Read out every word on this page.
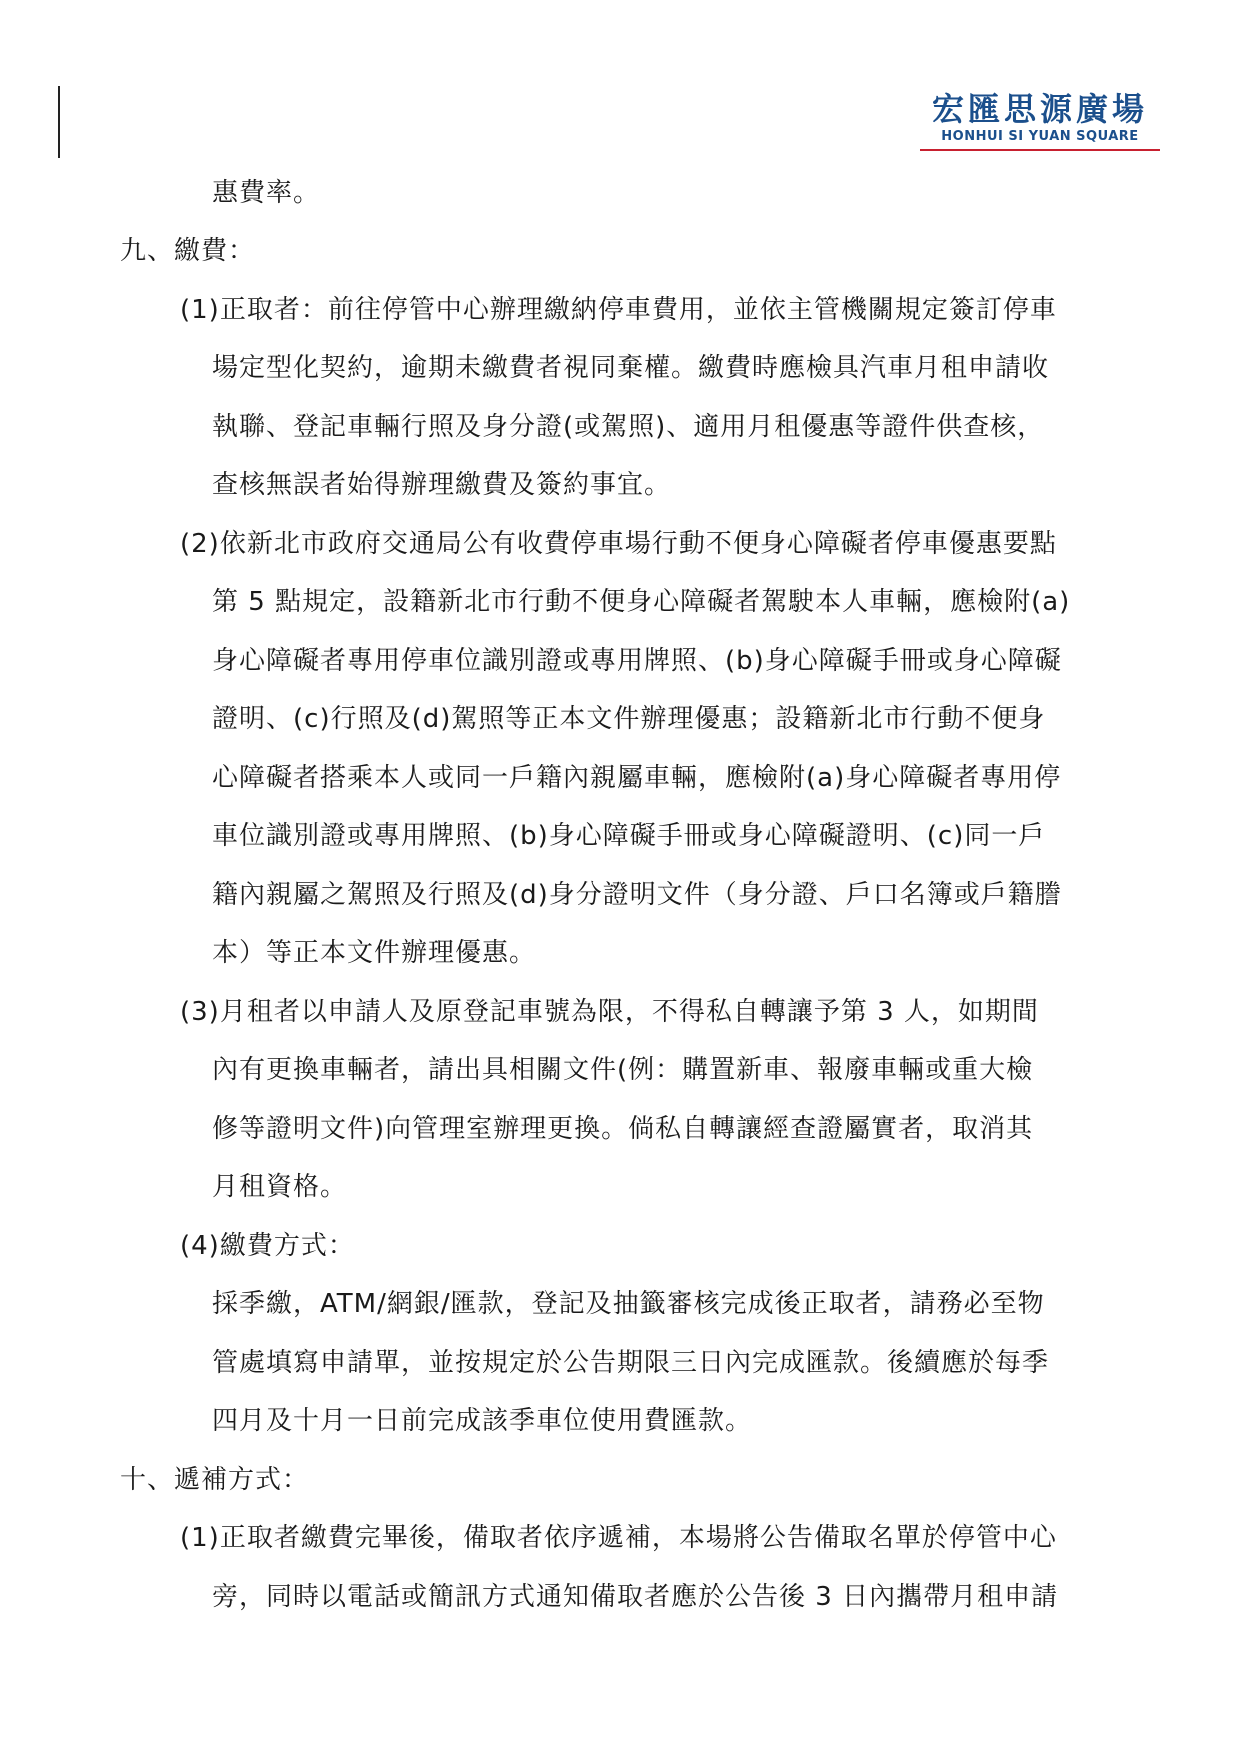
宏匯思源廣場
HONHUI SI YUAN SQUARE
惠費率。
九、繳費：
(1)正取者：前往停管中心辦理繳納停車費用，並依主管機關規定簽訂停車
場定型化契約，逾期未繳費者視同棄權。繳費時應檢具汽車月租申請收
執聯、登記車輛行照及身分證(或駕照)、適用月租優惠等證件供查核，
查核無誤者始得辦理繳費及簽約事宜。
(2)依新北市政府交通局公有收費停車場行動不便身心障礙者停車優惠要點
第 5 點規定，設籍新北市行動不便身心障礙者駕駛本人車輛，應檢附(a)
身心障礙者專用停車位識別證或專用牌照、(b)身心障礙手冊或身心障礙
證明、(c)行照及(d)駕照等正本文件辦理優惠；設籍新北市行動不便身
心障礙者搭乘本人或同一戶籍內親屬車輛，應檢附(a)身心障礙者專用停
車位識別證或專用牌照、(b)身心障礙手冊或身心障礙證明、(c)同一戶
籍內親屬之駕照及行照及(d)身分證明文件（身分證、戶口名簿或戶籍謄
本）等正本文件辦理優惠。
(3)月租者以申請人及原登記車號為限，不得私自轉讓予第 3 人，如期間
內有更換車輛者，請出具相關文件(例：購置新車、報廢車輛或重大檢
修等證明文件)向管理室辦理更換。倘私自轉讓經查證屬實者，取消其
月租資格。
(4)繳費方式：
採季繳，ATM/網銀/匯款，登記及抽籤審核完成後正取者，請務必至物
管處填寫申請單，並按規定於公告期限三日內完成匯款。後續應於每季
四月及十月一日前完成該季車位使用費匯款。
十、遞補方式：
(1)正取者繳費完畢後，備取者依序遞補，本場將公告備取名單於停管中心
旁，同時以電話或簡訊方式通知備取者應於公告後 3 日內攜帶月租申請
